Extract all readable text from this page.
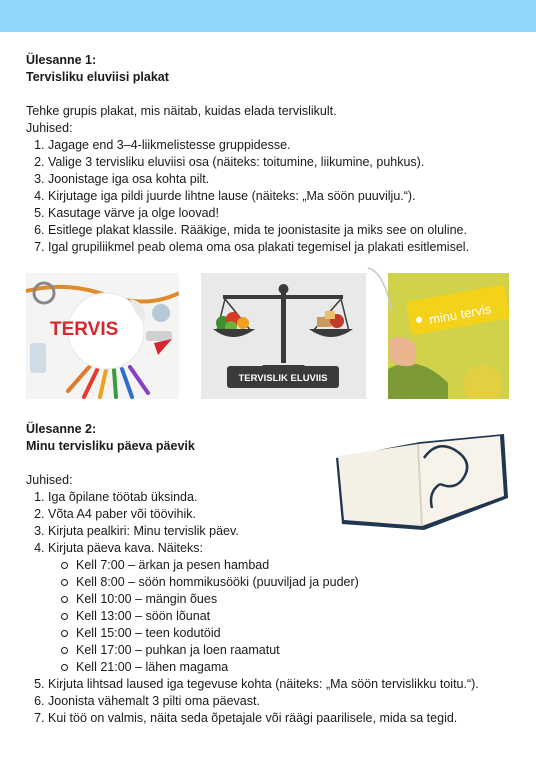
Ülesanne 1:
Tervisliku eluviisi plakat
Tehke grupis plakat, mis näitab, kuidas elada tervislikult.
Juhised:
1. Jagage end 3–4-liikmelistesse gruppidesse.
2. Valige 3 tervisliku eluviisi osa (näiteks: toitumine, liikumine, puhkus).
3. Joonistage iga osa kohta pilt.
4. Kirjutage iga pildi juurde lihtne lause (näiteks: „Ma söön puuvilju.“).
5. Kasutage värve ja olge loovad!
6. Esitlege plakat klassile. Rääkige, mida te joonistasite ja miks see on oluline.
7. Igal grupiliikmel peab olema oma osa plakati tegemisel ja plakati esitlemisel.
TERVIS
TERVISLIK ELUVIIS
minu tervis
Ülesanne 2:
Minu tervisliku päeva päevik
Juhised:
1. Iga õpilane töötab üksinda.
2. Võta A4 paber või töövihik.
3. Kirjuta pealkiri: Minu tervislik päev.
4. Kirjuta päeva kava. Näiteks:
Kell 7:00 – ärkan ja pesen hambad
Kell 8:00 – söön hommikusööki (puuviljad ja puder)
Kell 10:00 – mängin õues
Kell 13:00 – söön lõunat
Kell 15:00 – teen kodutöid
Kell 17:00 – puhkan ja loen raamatut
Kell 21:00 – lähen magama
5. Kirjuta lihtsad laused iga tegevuse kohta (näiteks: „Ma söön tervislikku toitu.“).
6. Joonista vähemalt 3 pilti oma päevast.
7. Kui töö on valmis, näita seda õpetajale või räägi paarilisele, mida sa tegid.
